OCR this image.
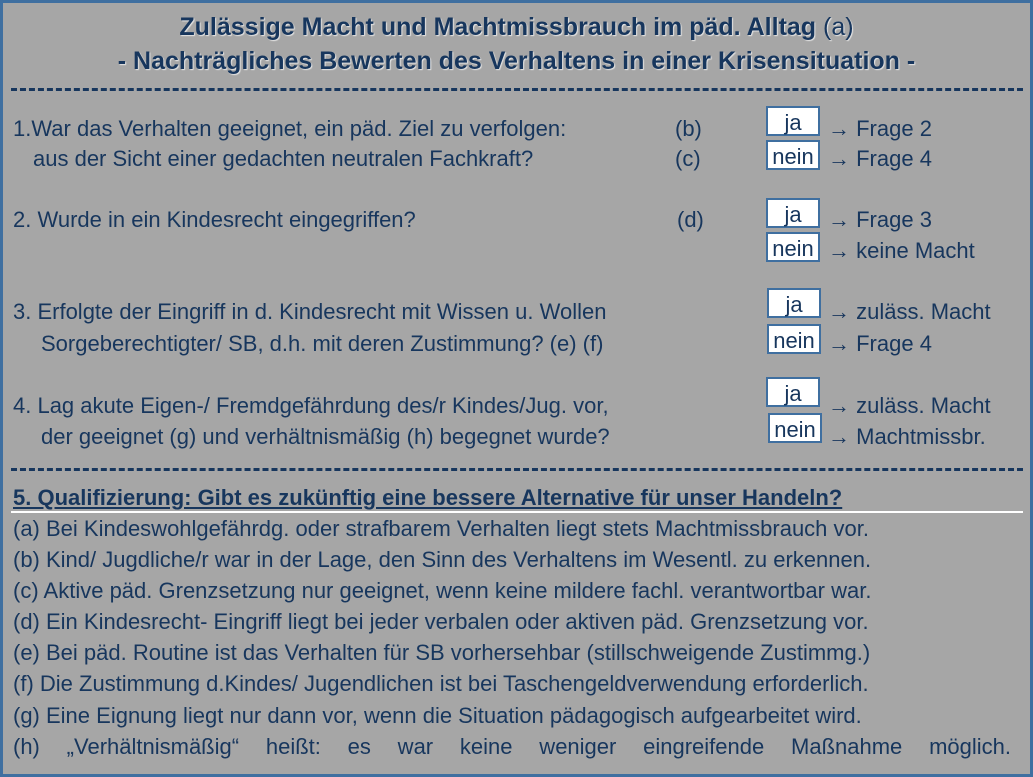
Zulässige Macht und Machtmissbrauch im päd. Alltag (a)
- Nachträgliches Bewerten des Verhaltens in einer Krisensituation -
1.War das Verhalten geeignet, ein päd. Ziel zu verfolgen:	(b)
aus der Sicht einer gedachten neutralen Fachkraft?	(c)
ja	→ Frage 2
nein → Frage 4
2. Wurde in ein Kindesrecht eingegriffen?	(d)	ja	→ Frage 3
nein → keine Macht
3. Erfolgte der Eingriff in d. Kindesrecht mit Wissen u. Wollen
Sorgeberechtigter/ SB, d.h. mit deren Zustimmung? (e) (f)
ja	→ zuläss. Macht
nein → Frage 4
4. Lag akute Eigen-/ Fremdgefährdung des/r Kindes/Jug. vor,
der geeignet (g) und verhältnismäßig (h) begegnet wurde?
ja	→ zuläss. Macht
nein → Machtmissbr.
5. Qualifizierung: Gibt es zukünftig eine bessere Alternative für unser Handeln?
(a) Bei Kindeswohlgefährdg. oder strafbarem Verhalten liegt stets Machtmissbrauch vor.
(b) Kind/ Jugdliche/r war in der Lage, den Sinn des Verhaltens im Wesentl. zu erkennen.
(c) Aktive päd. Grenzsetzung nur geeignet, wenn keine mildere fachl. verantwortbar war.
(d) Ein Kindesrecht- Eingriff liegt bei jeder verbalen oder aktiven päd. Grenzsetzung vor.
(e) Bei päd. Routine ist das Verhalten für SB vorhersehbar (stillschweigende Zustimmg.)
(f) Die Zustimmung d.Kindes/ Jugendlichen ist bei Taschengeldverwendung erforderlich.
(g) Eine Eignung liegt nur dann vor, wenn die Situation pädagogisch aufgearbeitet wird.
(h) „Verhältnismäßig“ heißt: es war keine weniger eingreifende Maßnahme möglich.
